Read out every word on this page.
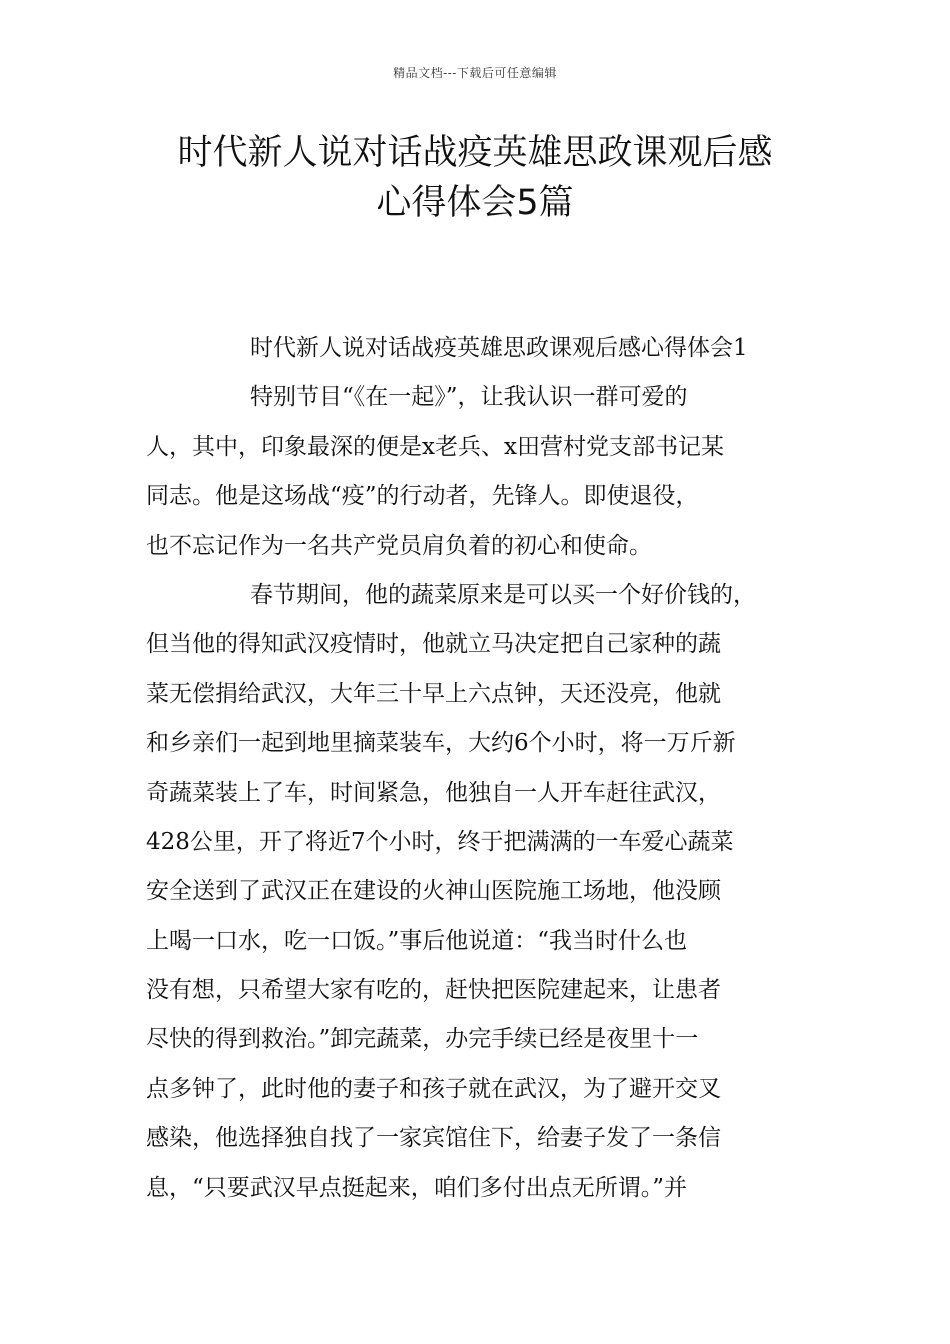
精品文档---下载后可任意编辑
时代新人说对话战疫英雄思政课观后感
心得体会5篇
时代新人说对话战疫英雄思政课观后感心得体会1
特别节目“《在一起》”，让我认识一群可爱的
人，其中，印象最深的便是x老兵、x田营村党支部书记某
同志。他是这场战“疫”的行动者，先锋人。即使退役，
也不忘记作为一名共产党员肩负着的初心和使命。
春节期间，他的蔬菜原来是可以买一个好价钱的，
但当他的得知武汉疫情时，他就立马决定把自己家种的蔬
菜无偿捐给武汉，大年三十早上六点钟，天还没亮，他就
和乡亲们一起到地里摘菜装车，大约6个小时，将一万斤新
奇蔬菜装上了车，时间紧急，他独自一人开车赶往武汉，
428公里，开了将近7个小时，终于把满满的一车爱心蔬菜
安全送到了武汉正在建设的火神山医院施工场地，他没顾
上喝一口水，吃一口饭。”事后他说道：“我当时什么也
没有想，只希望大家有吃的，赶快把医院建起来，让患者
尽快的得到救治。”卸完蔬菜，办完手续已经是夜里十一
点多钟了，此时他的妻子和孩子就在武汉，为了避开交叉
感染，他选择独自找了一家宾馆住下，给妻子发了一条信
息，“只要武汉早点挺起来，咱们多付出点无所谓。”并
